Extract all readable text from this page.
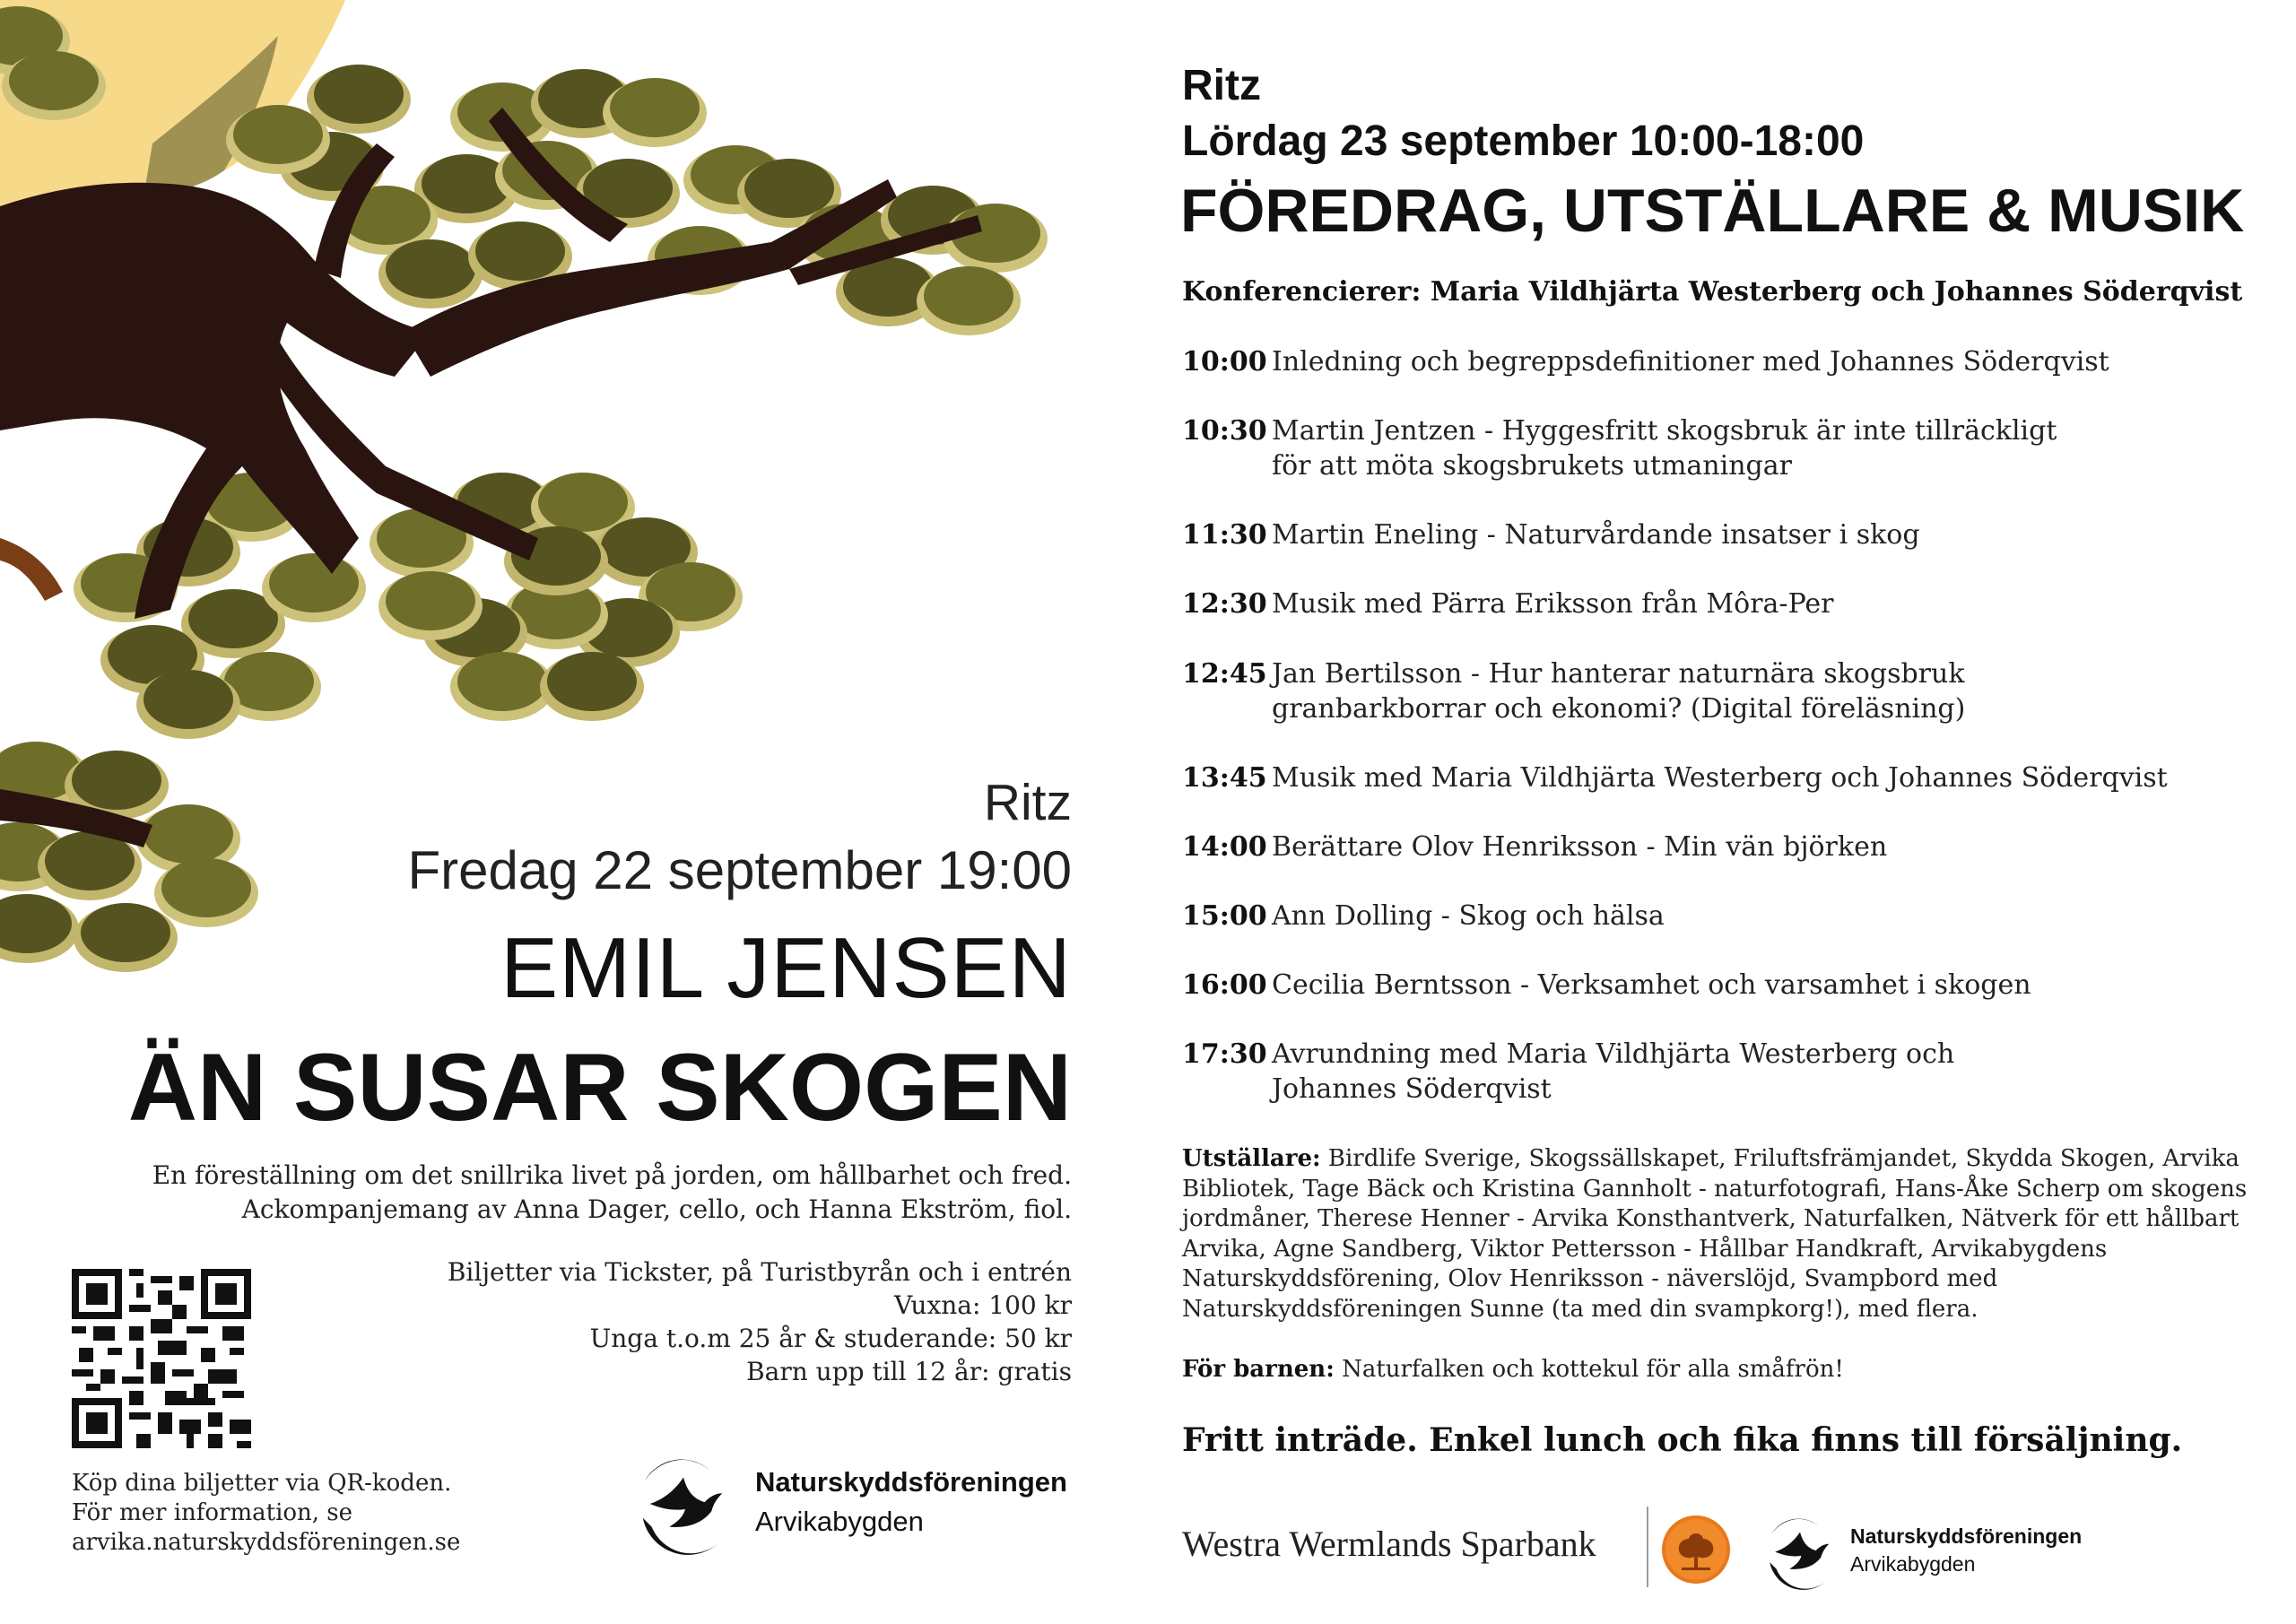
Ritz
Fredag 22 september 19:00
EMIL JENSEN
ÄN SUSAR SKOGEN
En föreställning om det snillrika livet på jorden, om hållbarhet och fred.
Ackompanjemang av Anna Dager, cello, och Hanna Ekström, fiol.
Biljetter via Tickster, på Turistbyrån och i entrén
Vuxna: 100 kr
Unga t.o.m 25 år & studerande: 50 kr
Barn upp till 12 år: gratis
Köp dina biljetter via QR-koden.
För mer information, se
arvika.naturskyddsföreningen.se
Naturskyddsföreningen
Arvikabygden
Ritz
Lördag 23 september 10:00-18:00
FÖREDRAG, UTSTÄLLARE & MUSIK
Konferencierer: Maria Vildhjärta Westerberg och Johannes Söderqvist
10:00 Inledning och begreppsdefinitioner med Johannes Söderqvist
10:30 Martin Jentzen - Hyggesfritt skogsbruk är inte tillräckligt för att möta skogsbrukets utmaningar
11:30 Martin Eneling - Naturvårdande insatser i skog
12:30 Musik med Pärra Eriksson från Môra-Per
12:45 Jan Bertilsson - Hur hanterar naturnära skogsbruk granbarkborrar och ekonomi? (Digital föreläsning)
13:45 Musik med Maria Vildhjärta Westerberg och Johannes Söderqvist
14:00 Berättare Olov Henriksson - Min vän björken
15:00 Ann Dolling - Skog och hälsa
16:00 Cecilia Berntsson - Verksamhet och varsamhet i skogen
17:30 Avrundning med Maria Vildhjärta Westerberg och Johannes Söderqvist
Utställare: Birdlife Sverige, Skogssällskapet, Friluftsfrämjandet, Skydda Skogen, Arvika Bibliotek, Tage Bäck och Kristina Gannholt - naturfotografi, Hans-Åke Scherp om skogens jordmåner, Therese Henner - Arvika Konsthantverk, Naturfalken, Nätverk för ett hållbart Arvika, Agne Sandberg, Viktor Pettersson - Hållbar Handkraft, Arvikabygdens Naturskyddsförening, Olov Henriksson - näverslöjd, Svampbord med Naturskyddsföreningen Sunne (ta med din svampkorg!), med flera.
För barnen: Naturfalken och kottekul för alla småfrön!
Fritt inträde. Enkel lunch och fika finns till försäljning.
Westra Wermlands Sparbank	Naturskyddsföreningen
Arvikabygden
